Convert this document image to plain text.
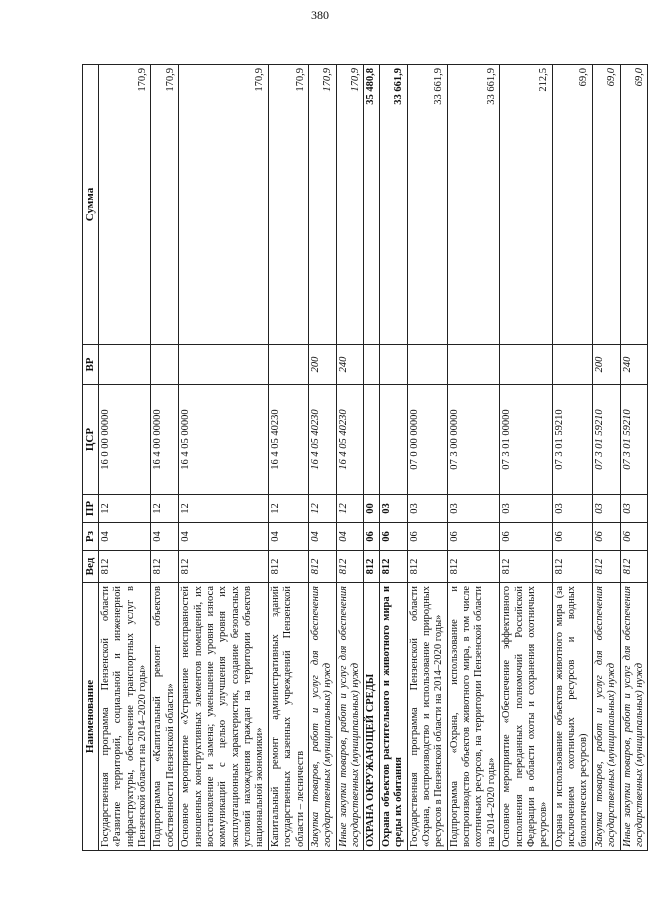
380
Наименование	Вед	Рз	ПР	ЦСР	ВР	Сумма
Государственная программа Пензенской области «Развитие территорий, социальной и инженерной инфраструктуры, обеспечение транспортных услуг в Пензенской области на 2014–2020 годы»	812	04	12	16 0 00 00000		170,9
Подпрограмма «Капитальный ремонт объектов собственности Пензенской области»	812	04	12	16 4 00 00000		170,9
Основное мероприятие «Устранение неисправностей изношенных конструктивных элементов помещений, их восстановление и замена; уменьшение уровня износа коммуникаций с целью улучшения уровня их эксплуатационных характеристик, создание безопасных условий нахождения граждан на территории объектов национальной экономики»	812	04	12	16 4 05 00000		170,9
Капитальный ремонт административных зданий государственных казенных учреждений Пензенской области – лесничеств	812	04	12	16 4 05 40230		170,9
Закупка товаров, работ и услуг для обеспечения государственных (муниципальных) нужд	812	04	12	16 4 05 40230	200	170,9
Иные закупки товаров, работ и услуг для обеспечения государственных (муниципальных) нужд	812	04	12	16 4 05 40230	240	170,9
ОХРАНА ОКРУЖАЮЩЕЙ СРЕДЫ	812	06	00			35 480,8
Охрана объектов растительного и животного мира и среды их обитания	812	06	03			33 661,9
Государственная программа Пензенской области «Охрана, воспроизводство и использование природных ресурсов в Пензенской области на 2014–2020 годы»	812	06	03	07 0 00 00000		33 661,9
Подпрограмма «Охрана, использование и воспроизводство объектов животного мира, в том числе охотничьих ресурсов, на территории Пензенской области на 2014–2020 годы»	812	06	03	07 3 00 00000		33 661,9
Основное мероприятие «Обеспечение эффективного исполнения переданных полномочий Российской Федерации в области охоты и сохранения охотничьих ресурсов»	812	06	03	07 3 01 00000		212,5
Охрана и использование объектов животного мира (за исключением охотничьих ресурсов и водных биологических ресурсов)	812	06	03	07 3 01 59210		69,0
Закупка товаров, работ и услуг для обеспечения государственных (муниципальных) нужд	812	06	03	07 3 01 59210	200	69,0
Иные закупки товаров, работ и услуг для обеспечения государственных (муниципальных) нужд	812	06	03	07 3 01 59210	240	69,0
